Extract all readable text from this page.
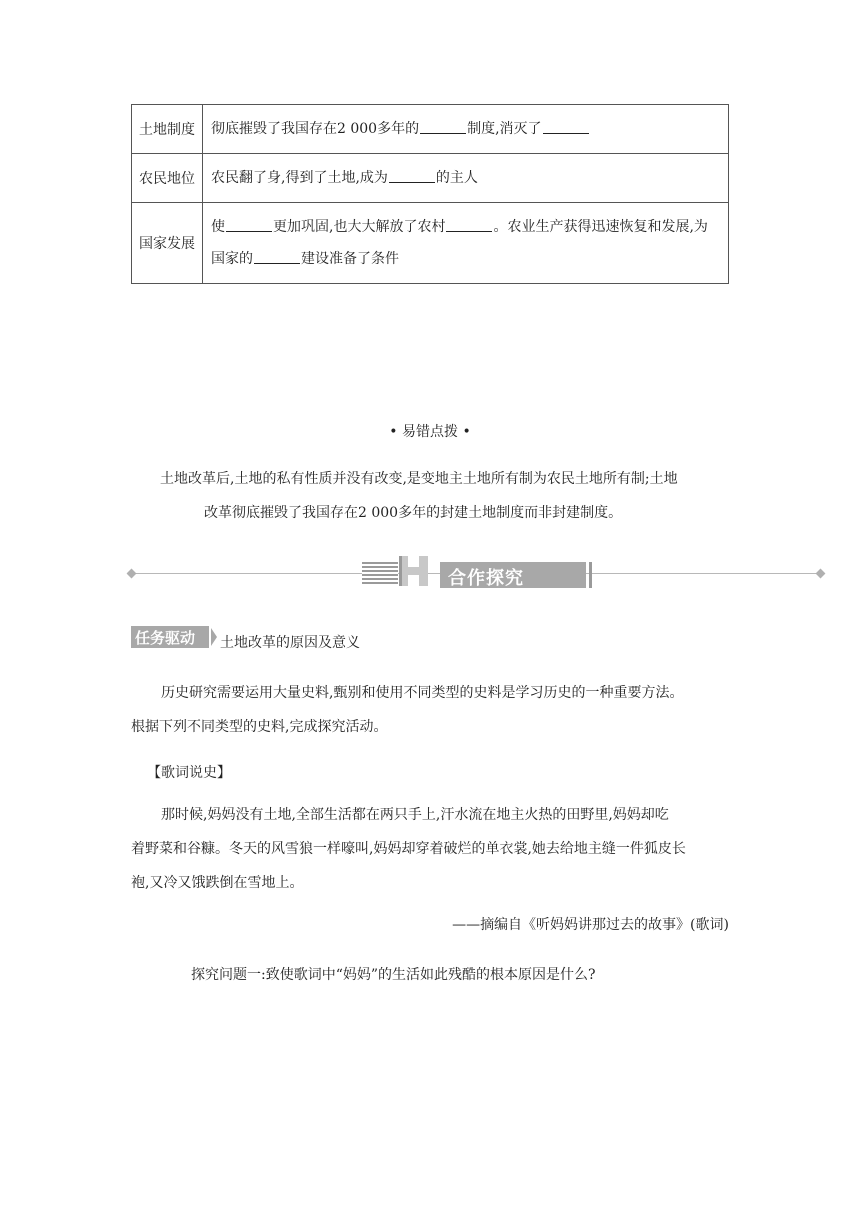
土地制度	彻底摧毁了我国存在2 000多年的 制度,消灭了
农民地位	农民翻了身,得到了土地,成为 的主人
国家发展	使 更加巩固,也大大解放了农村 。农业生产获得迅速恢复和发展,为国家的 建设准备了条件
• 易错点拨 •
土地改革后,土地的私有性质并没有改变,是变地主土地所有制为农民土地所有制;土地
改革彻底摧毁了我国存在2 000多年的封建土地制度而非封建制度。
合作探究
任务驱动 土地改革的原因及意义
历史研究需要运用大量史料,甄别和使用不同类型的史料是学习历史的一种重要方法。
根据下列不同类型的史料,完成探究活动。
【歌词说史】
那时候,妈妈没有土地,全部生活都在两只手上,汗水流在地主火热的田野里,妈妈却吃
着野菜和谷糠。冬天的风雪狼一样嚎叫,妈妈却穿着破烂的单衣裳,她去给地主缝一件狐皮长
袍,又冷又饿跌倒在雪地上。
——摘编自《听妈妈讲那过去的故事》(歌词)
探究问题一:致使歌词中“妈妈”的生活如此残酷的根本原因是什么?
